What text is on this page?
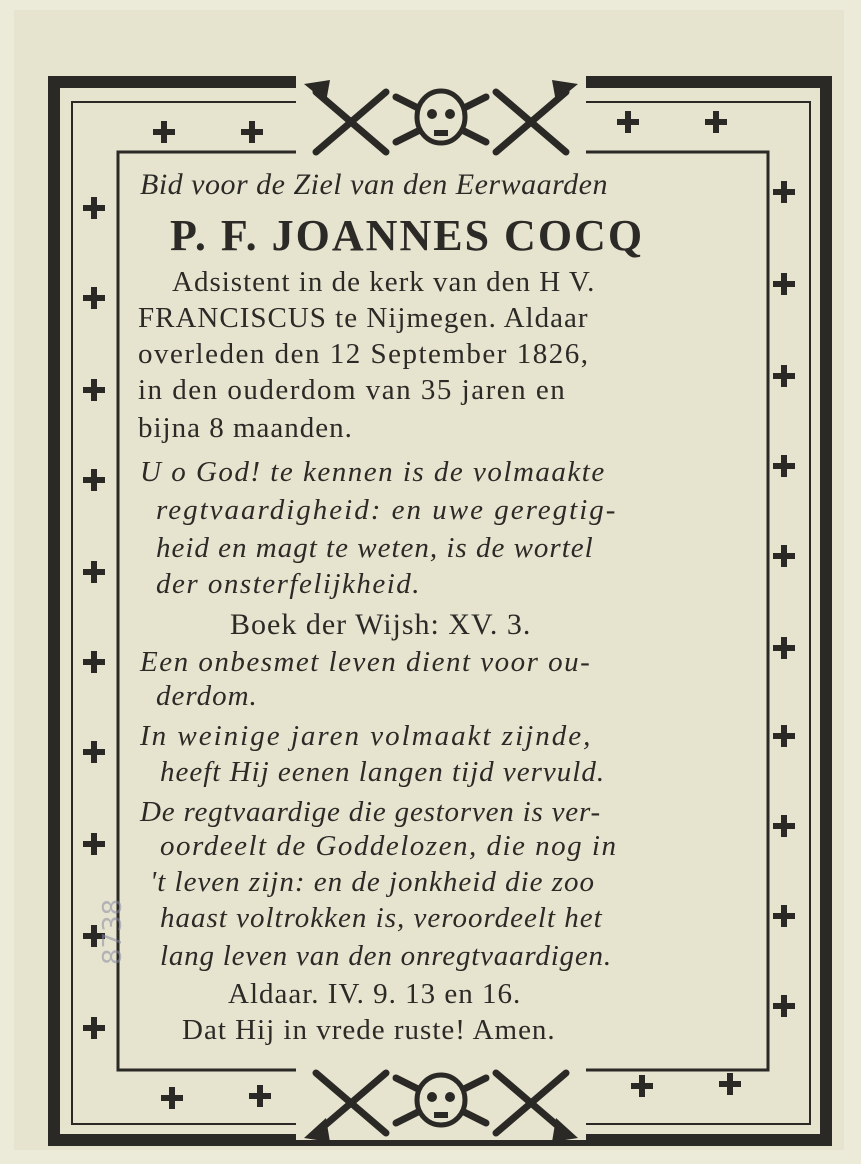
Bid voor de Ziel van den Eerwaarden
P. F. JOANNES COCQ
Adsistent in de kerk van den H V.
FRANCISCUS te Nijmegen. Aldaar
overleden den 12 September 1826,
in den ouderdom van 35 jaren en
bijna 8 maanden.
U o God! te kennen is de volmaakte
regtvaardigheid: en uwe geregtig-
heid en magt te weten, is de wortel
der onsterfelijkheid.
Boek der Wijsh: XV. 3.
Een onbesmet leven dient voor ou-
derdom.
In weinige jaren volmaakt zijnde,
heeft Hij eenen langen tijd vervuld.
De regtvaardige die gestorven is ver-
oordeelt de Goddelozen, die nog in
't leven zijn: en de jonkheid die zoo
haast voltrokken is, veroordeelt het
lang leven van den onregtvaardigen.
Aldaar. IV. 9. 13 en 16.
Dat Hij in vrede ruste! Amen.
8738
